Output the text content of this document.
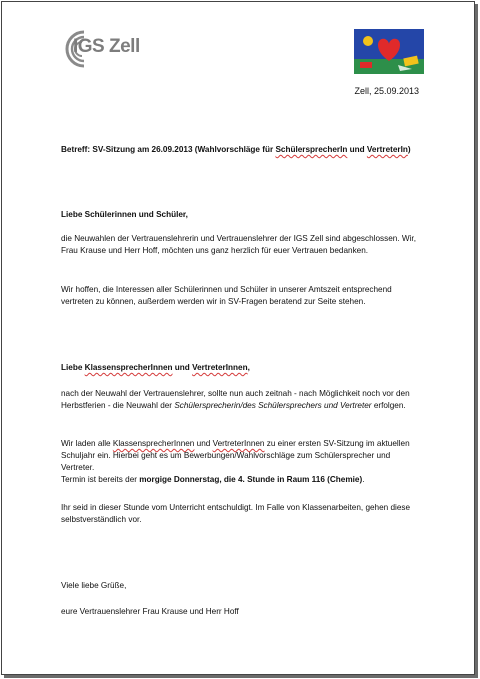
IGS Zell
Zell, 25.09.2013

Betreff: SV-Sitzung am 26.09.2013 (Wahlvorschläge für SchülersprecherIn und VertreterIn)

Liebe Schülerinnen und Schüler,

die Neuwahlen der Vertrauenslehrerin und Vertrauenslehrer der IGS Zell sind abgeschlossen. Wir, Frau Krause und Herr Hoff, möchten uns ganz herzlich für euer Vertrauen bedanken.

Wir hoffen, die Interessen aller Schülerinnen und Schüler in unserer Amtszeit entsprechend vertreten zu können, außerdem werden wir in SV-Fragen beratend zur Seite stehen.

Liebe KlassensprecherInnen und VertreterInnen,

nach der Neuwahl der Vertrauenslehrer, sollte nun auch zeitnah - nach Möglichkeit noch vor den Herbstferien - die Neuwahl der Schülersprecherin/des Schülersprechers und Vertreter erfolgen.

Wir laden alle KlassensprecherInnen und VertreterInnen zu einer ersten SV-Sitzung im aktuellen Schuljahr ein. Hierbei geht es um Bewerbungen/Wahlvorschläge zum Schülersprecher und Vertreter.
Termin ist bereits der morgige Donnerstag, die 4. Stunde in Raum 116 (Chemie).

Ihr seid in dieser Stunde vom Unterricht entschuldigt. Im Falle von Klassenarbeiten, gehen diese selbstverständlich vor.

Viele liebe Grüße,

eure Vertrauenslehrer Frau Krause und Herr Hoff
